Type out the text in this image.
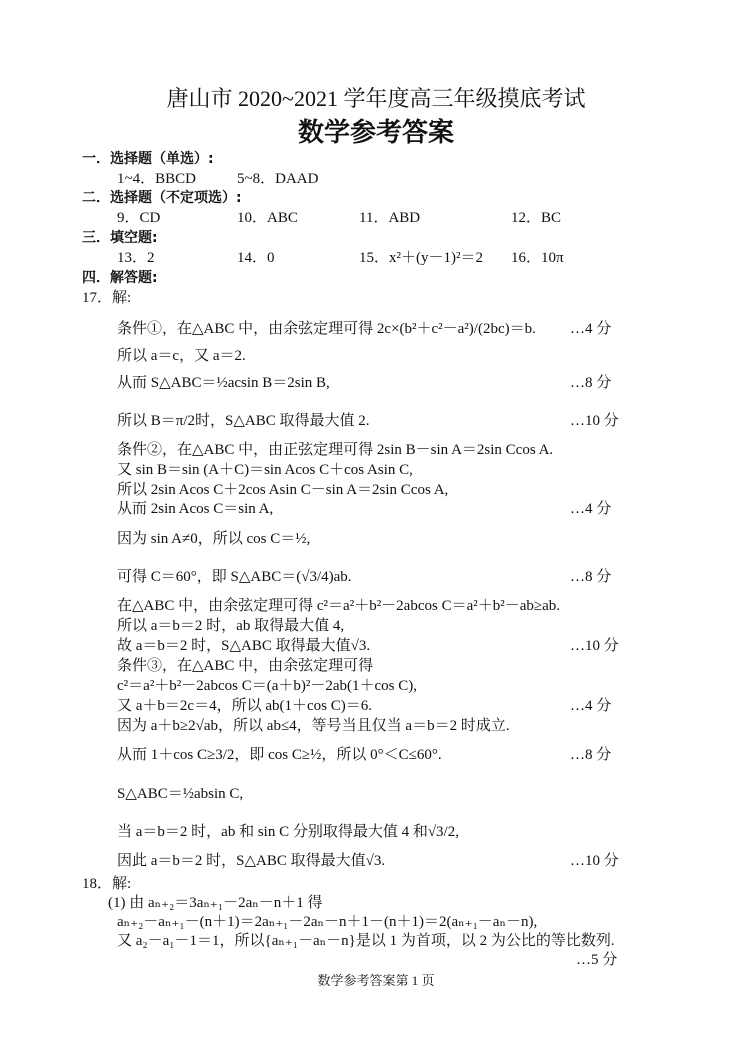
唐山市 2020~2021 学年度高三年级摸底考试
数学参考答案
一．选择题（单选）:
1~4．BBCD	5~8．DAAD
二．选择题（不定项选）:
9．CD	10．ABC	11．ABD	12．BC
三．填空题:
13．2	14．0	15．x²＋(y－1)²＝2 16．10π
四．解答题:
17．解:
条件①，在△ABC 中，由余弦定理可得 2c×(b²＋c²－a²)/(2bc)＝b. …4 分
所以 a＝c，又 a＝2.
从而 S△ABC＝½acsin B＝2sin B,	…8 分
所以 B＝π/2时，S△ABC 取得最大值 2.	…10 分
条件②，在△ABC 中，由正弦定理可得 2sin B－sin A＝2sin Ccos A.
又 sin B＝sin (A＋C)＝sin Acos C＋cos Asin C,
所以 2sin Acos C＋2cos Asin C－sin A＝2sin Ccos A,
从而 2sin Acos C＝sin A,	…4 分
因为 sin A≠0，所以 cos C＝½,
可得 C＝60°，即 S△ABC＝(√3/4)ab.	…8 分
在△ABC 中，由余弦定理可得 c²＝a²＋b²－2abcos C＝a²＋b²－ab≥ab.
所以 a＝b＝2 时，ab 取得最大值 4,
故 a＝b＝2 时，S△ABC 取得最大值√3.	…10 分
条件③，在△ABC 中，由余弦定理可得
c²＝a²＋b²－2abcos C＝(a＋b)²－2ab(1＋cos C),
又 a＋b＝2c＝4，所以 ab(1＋cos C)＝6.	…4 分
因为 a＋b≥2√ab，所以 ab≤4，等号当且仅当 a＝b＝2 时成立.
从而 1＋cos C≥3/2，即 cos C≥½，所以 0°＜C≤60°.	…8 分
S△ABC＝½absin C,
当 a＝b＝2 时，ab 和 sin C 分别取得最大值 4 和√3/2,
因此 a＝b＝2 时，S△ABC 取得最大值√3.	…10 分
18．解:
(1) 由 aₙ₊₂＝3aₙ₊₁－2aₙ－n＋1 得
aₙ₊₂－aₙ₊₁－(n＋1)＝2aₙ₊₁－2aₙ－n＋1－(n＋1)＝2(aₙ₊₁－aₙ－n),
又 a₂－a₁－1＝1，所以{aₙ₊₁－aₙ－n}是以 1 为首项，以 2 为公比的等比数列.
…5 分
数学参考答案第 1 页
